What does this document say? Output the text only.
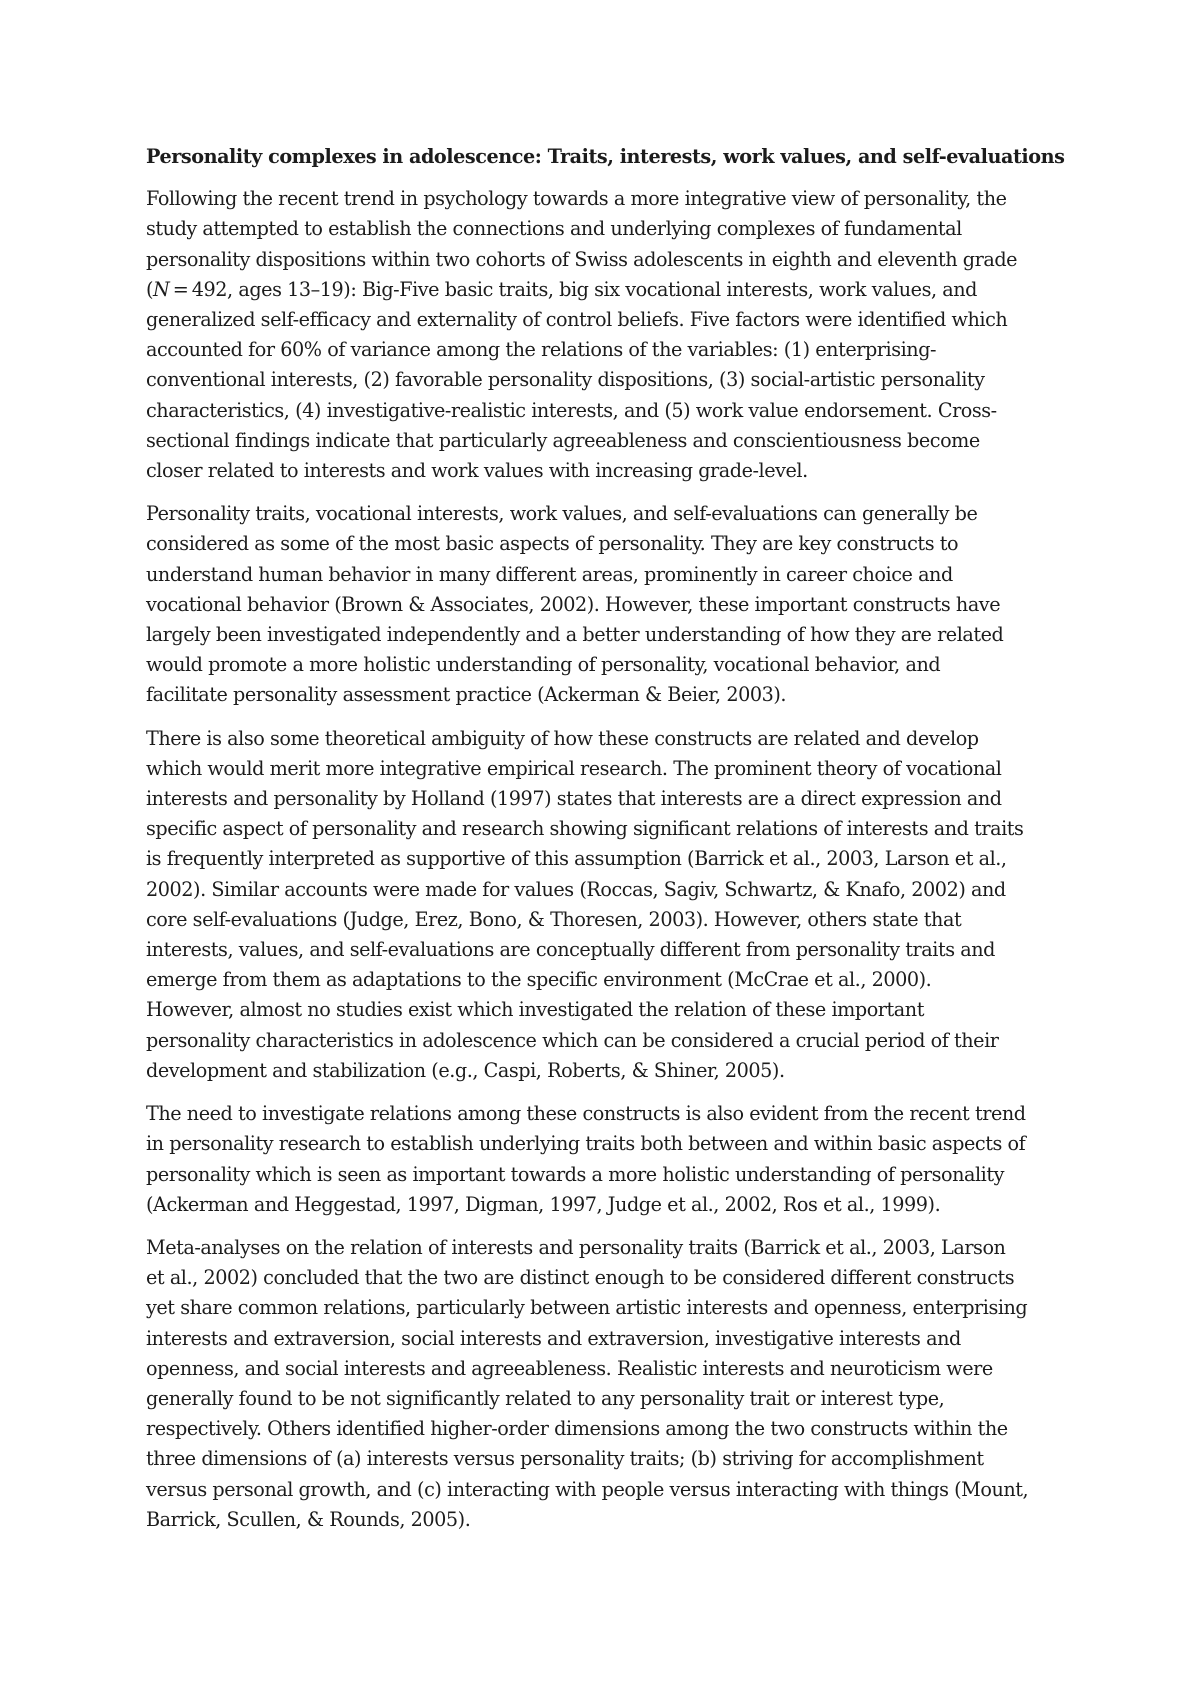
Personality complexes in adolescence: Traits, interests, work values, and self-evaluations
Following the recent trend in psychology towards a more integrative view of personality, the
study attempted to establish the connections and underlying complexes of fundamental
personality dispositions within two cohorts of Swiss adolescents in eighth and eleventh grade
(N = 492, ages 13–19): Big-Five basic traits, big six vocational interests, work values, and
generalized self-efficacy and externality of control beliefs. Five factors were identified which
accounted for 60% of variance among the relations of the variables: (1) enterprising-
conventional interests, (2) favorable personality dispositions, (3) social-artistic personality
characteristics, (4) investigative-realistic interests, and (5) work value endorsement. Cross-
sectional findings indicate that particularly agreeableness and conscientiousness become
closer related to interests and work values with increasing grade-level.
Personality traits, vocational interests, work values, and self-evaluations can generally be
considered as some of the most basic aspects of personality. They are key constructs to
understand human behavior in many different areas, prominently in career choice and
vocational behavior (Brown & Associates, 2002). However, these important constructs have
largely been investigated independently and a better understanding of how they are related
would promote a more holistic understanding of personality, vocational behavior, and
facilitate personality assessment practice (Ackerman & Beier, 2003).
There is also some theoretical ambiguity of how these constructs are related and develop
which would merit more integrative empirical research. The prominent theory of vocational
interests and personality by Holland (1997) states that interests are a direct expression and
specific aspect of personality and research showing significant relations of interests and traits
is frequently interpreted as supportive of this assumption (Barrick et al., 2003, Larson et al.,
2002). Similar accounts were made for values (Roccas, Sagiv, Schwartz, & Knafo, 2002) and
core self-evaluations (Judge, Erez, Bono, & Thoresen, 2003). However, others state that
interests, values, and self-evaluations are conceptually different from personality traits and
emerge from them as adaptations to the specific environment (McCrae et al., 2000).
However, almost no studies exist which investigated the relation of these important
personality characteristics in adolescence which can be considered a crucial period of their
development and stabilization (e.g., Caspi, Roberts, & Shiner, 2005).
The need to investigate relations among these constructs is also evident from the recent trend
in personality research to establish underlying traits both between and within basic aspects of
personality which is seen as important towards a more holistic understanding of personality
(Ackerman and Heggestad, 1997, Digman, 1997, Judge et al., 2002, Ros et al., 1999).
Meta-analyses on the relation of interests and personality traits (Barrick et al., 2003, Larson
et al., 2002) concluded that the two are distinct enough to be considered different constructs
yet share common relations, particularly between artistic interests and openness, enterprising
interests and extraversion, social interests and extraversion, investigative interests and
openness, and social interests and agreeableness. Realistic interests and neuroticism were
generally found to be not significantly related to any personality trait or interest type,
respectively. Others identified higher-order dimensions among the two constructs within the
three dimensions of (a) interests versus personality traits; (b) striving for accomplishment
versus personal growth, and (c) interacting with people versus interacting with things (Mount,
Barrick, Scullen, & Rounds, 2005).
